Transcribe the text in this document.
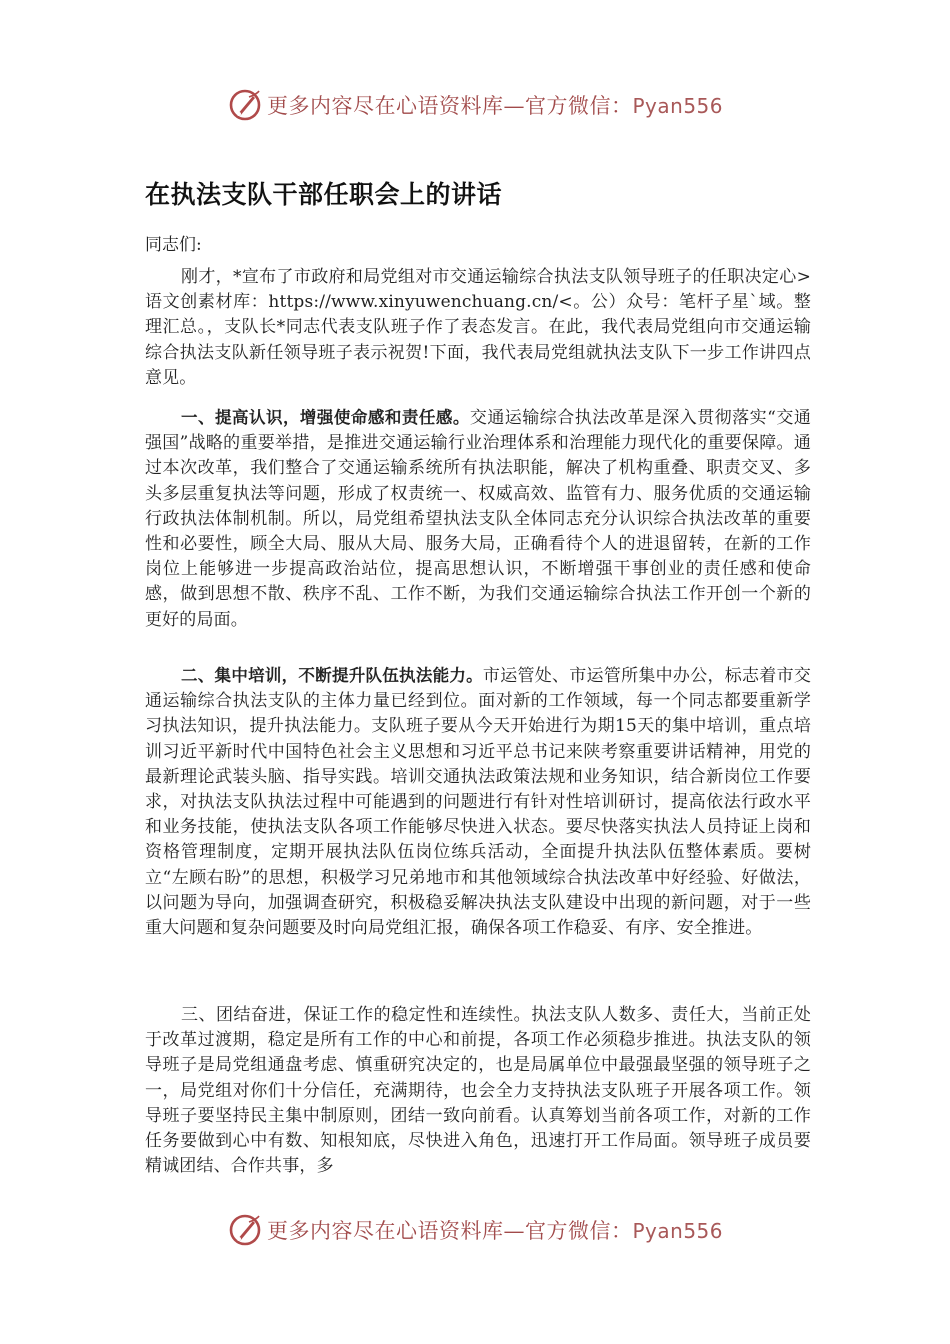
更多内容尽在心语资料库—官方微信：Pyan556
在执法支队干部任职会上的讲话

同志们:

刚才，*宣布了市政府和局党组对市交通运输综合执法支队领导班子的任职决定心>语文创素材库：https://www.xinyuwenchuang.cn/<。公）众号：笔杆子星`域。整理汇总。，支队长*同志代表支队班子作了表态发言。在此，我代表局党组向市交通运输综合执法支队新任领导班子表示祝贺!下面，我代表局党组就执法支队下一步工作讲四点意见。

一、提高认识，增强使命感和责任感。交通运输综合执法改革是深入贯彻落实“交通强国”战略的重要举措，是推进交通运输行业治理体系和治理能力现代化的重要保障。通过本次改革，我们整合了交通运输系统所有执法职能，解决了机构重叠、职责交叉、多头多层重复执法等问题，形成了权责统一、权威高效、监管有力、服务优质的交通运输行政执法体制机制。所以，局党组希望执法支队全体同志充分认识综合执法改革的重要性和必要性，顾全大局、服从大局、服务大局，正确看待个人的进退留转，在新的工作岗位上能够进一步提高政治站位，提高思想认识，不断增强干事创业的责任感和使命感，做到思想不散、秩序不乱、工作不断，为我们交通运输综合执法工作开创一个新的更好的局面。

二、集中培训，不断提升队伍执法能力。市运管处、市运管所集中办公，标志着市交通运输综合执法支队的主体力量已经到位。面对新的工作领域，每一个同志都要重新学习执法知识，提升执法能力。支队班子要从今天开始进行为期15天的集中培训，重点培训习近平新时代中国特色社会主义思想和习近平总书记来陕考察重要讲话精神，用党的最新理论武装头脑、指导实践。培训交通执法政策法规和业务知识，结合新岗位工作要求，对执法支队执法过程中可能遇到的问题进行有针对性培训研讨，提高依法行政水平和业务技能，使执法支队各项工作能够尽快进入状态。要尽快落实执法人员持证上岗和资格管理制度，定期开展执法队伍岗位练兵活动，全面提升执法队伍整体素质。要树立“左顾右盼”的思想，积极学习兄弟地市和其他领域综合执法改革中好经验、好做法，以问题为导向，加强调查研究，积极稳妥解决执法支队建设中出现的新问题，对于一些重大问题和复杂问题要及时向局党组汇报，确保各项工作稳妥、有序、安全推进。

三、团结奋进，保证工作的稳定性和连续性。执法支队人数多、责任大，当前正处于改革过渡期，稳定是所有工作的中心和前提，各项工作必须稳步推进。执法支队的领导班子是局党组通盘考虑、慎重研究决定的，也是局属单位中最强最坚强的领导班子之一，局党组对你们十分信任，充满期待，也会全力支持执法支队班子开展各项工作。领导班子要坚持民主集中制原则，团结一致向前看。认真筹划当前各项工作，对新的工作任务要做到心中有数、知根知底，尽快进入角色，迅速打开工作局面。领导班子成员要精诚团结、合作共事，多

更多内容尽在心语资料库—官方微信：Pyan556
